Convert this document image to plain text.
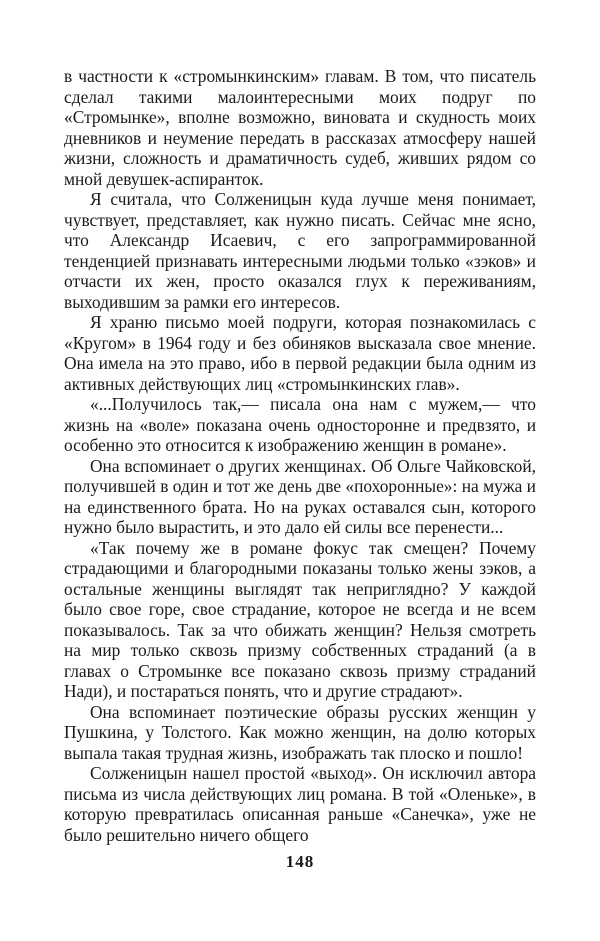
в частности к «стромынкинским» главам. В том, что писатель сделал такими малоинтересными моих подруг по «Стромынке», вполне возможно, виновата и скудность моих дневников и неумение передать в рассказах атмосферу нашей жизни, сложность и драматичность судеб, живших рядом со мной девушек-аспиранток.

Я считала, что Солженицын куда лучше меня понимает, чувствует, представляет, как нужно писать. Сейчас мне ясно, что Александр Исаевич, с его запрограммированной тенденцией признавать интересными людьми только «зэков» и отчасти их жен, просто оказался глух к переживаниям, выходившим за рамки его интересов.

Я храню письмо моей подруги, которая познакомилась с «Кругом» в 1964 году и без обиняков высказала свое мнение. Она имела на это право, ибо в первой редакции была одним из активных действующих лиц «стромынкинских глав».

«...Получилось так,— писала она нам с мужем,— что жизнь на «воле» показана очень односторонне и предвзято, и особенно это относится к изображению женщин в романе».

Она вспоминает о других женщинах. Об Ольге Чайковской, получившей в один и тот же день две «похоронные»: на мужа и на единственного брата. Но на руках оставался сын, которого нужно было вырастить, и это дало ей силы все перенести...

«Так почему же в романе фокус так смещен? Почему страдающими и благородными показаны только жены зэков, а остальные женщины выглядят так неприглядно? У каждой было свое горе, свое страдание, которое не всегда и не всем показывалось. Так за что обижать женщин? Нельзя смотреть на мир только сквозь призму собственных страданий (а в главах о Стромынке все показано сквозь призму страданий Нади), и постараться понять, что и другие страдают».

Она вспоминает поэтические образы русских женщин у Пушкина, у Толстого. Как можно женщин, на долю которых выпала такая трудная жизнь, изображать так плоско и пошло!

Солженицын нашел простой «выход». Он исключил автора письма из числа действующих лиц романа. В той «Оленьке», в которую превратилась описанная раньше «Санечка», уже не было решительно ничего общего

148
